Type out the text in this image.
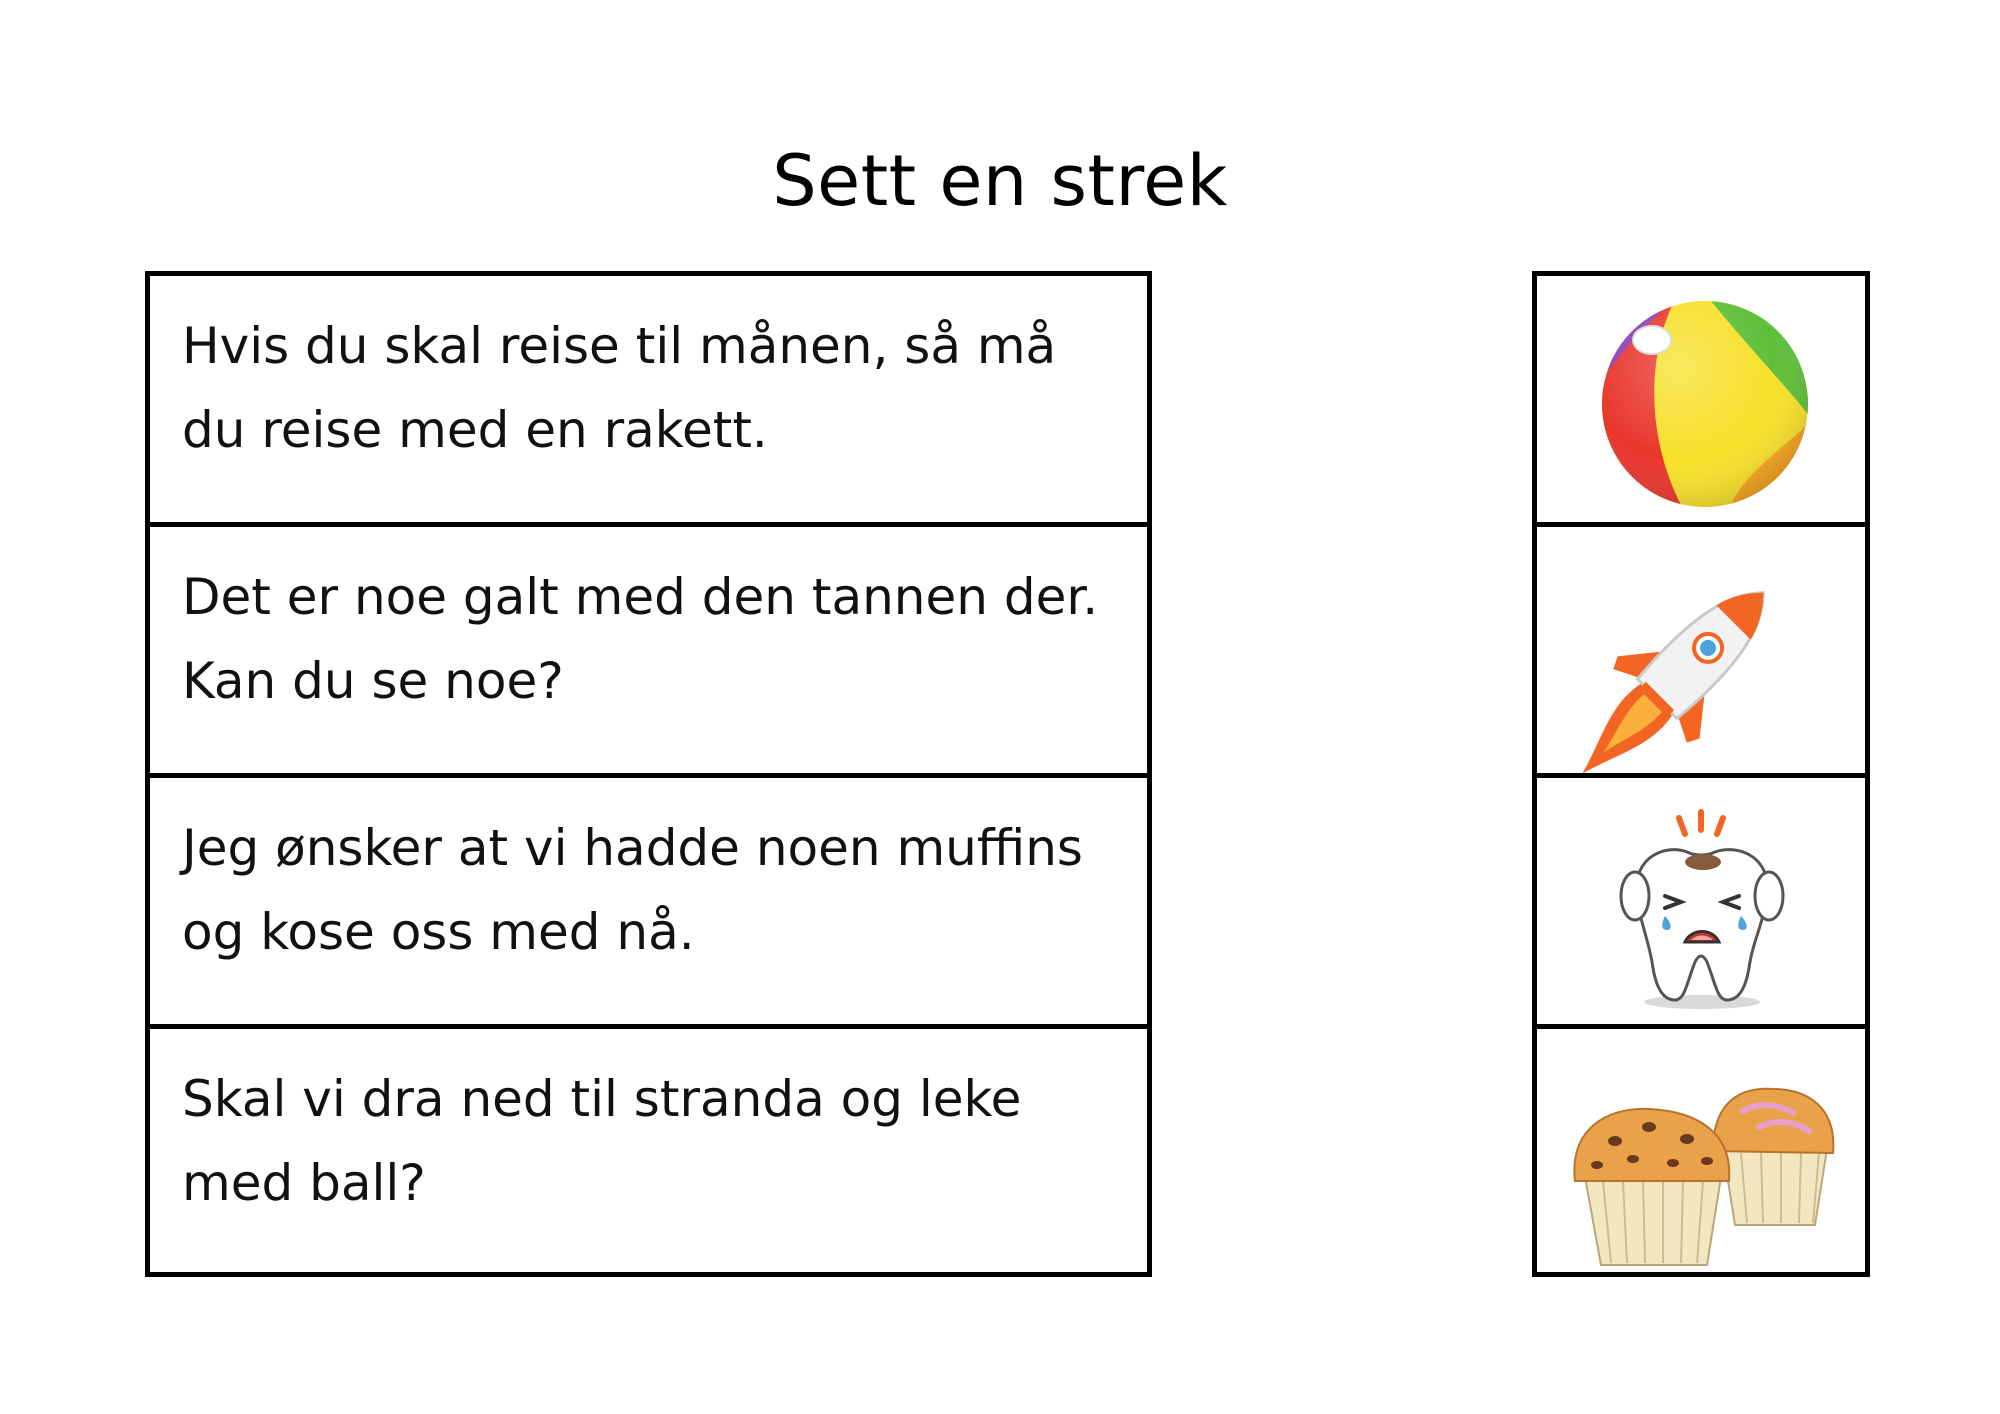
Sett en strek
Hvis du skal reise til månen, så må
du reise med en rakett.
Det er noe galt med den tannen der.
Kan du se noe?
Jeg ønsker at vi hadde noen muffins
og kose oss med nå.
Skal vi dra ned til stranda og leke
med ball?
